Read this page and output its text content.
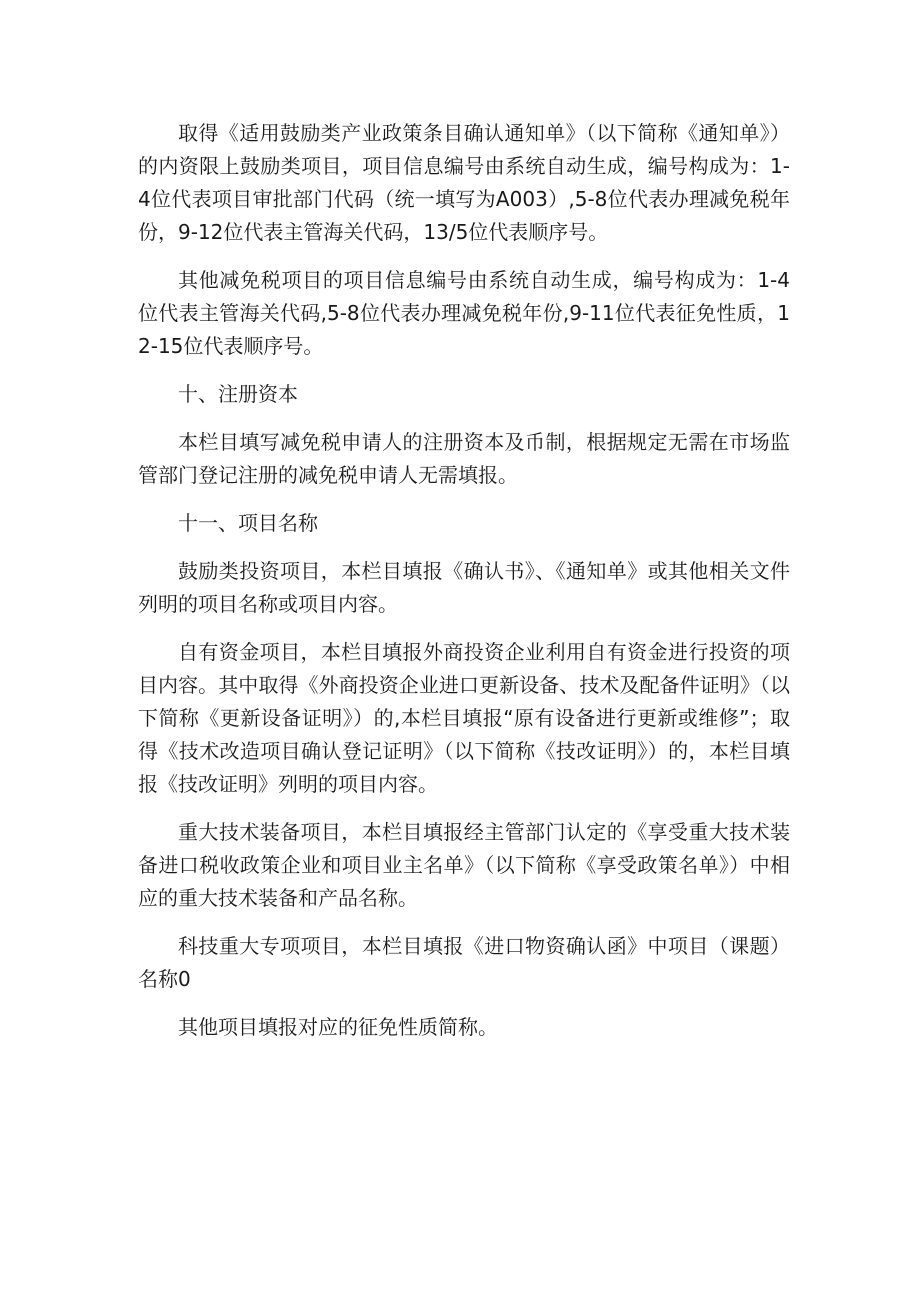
取得《适用鼓励类产业政策条目确认通知单》（以下简称《通知单》）的内资限上鼓励类项目，项目信息编号由系统自动生成，编号构成为：1-4位代表项目审批部门代码（统一填写为A003）,5-8位代表办理减免税年份，9-12位代表主管海关代码，13/5位代表顺序号。

其他减免税项目的项目信息编号由系统自动生成，编号构成为：1-4位代表主管海关代码,5-8位代表办理减免税年份,9-11位代表征免性质，12-15位代表顺序号。

十、注册资本

本栏目填写减免税申请人的注册资本及币制，根据规定无需在市场监管部门登记注册的减免税申请人无需填报。

十一、项目名称

鼓励类投资项目，本栏目填报《确认书》、《通知单》或其他相关文件列明的项目名称或项目内容。

自有资金项目，本栏目填报外商投资企业利用自有资金进行投资的项目内容。其中取得《外商投资企业进口更新设备、技术及配备件证明》（以下简称《更新设备证明》）的,本栏目填报“原有设备进行更新或维修”；取得《技术改造项目确认登记证明》（以下简称《技改证明》）的，本栏目填报《技改证明》列明的项目内容。

重大技术装备项目，本栏目填报经主管部门认定的《享受重大技术装备进口税收政策企业和项目业主名单》（以下简称《享受政策名单》）中相应的重大技术装备和产品名称。

科技重大专项项目，本栏目填报《进口物资确认函》中项目（课题）名称0

其他项目填报对应的征免性质简称。
